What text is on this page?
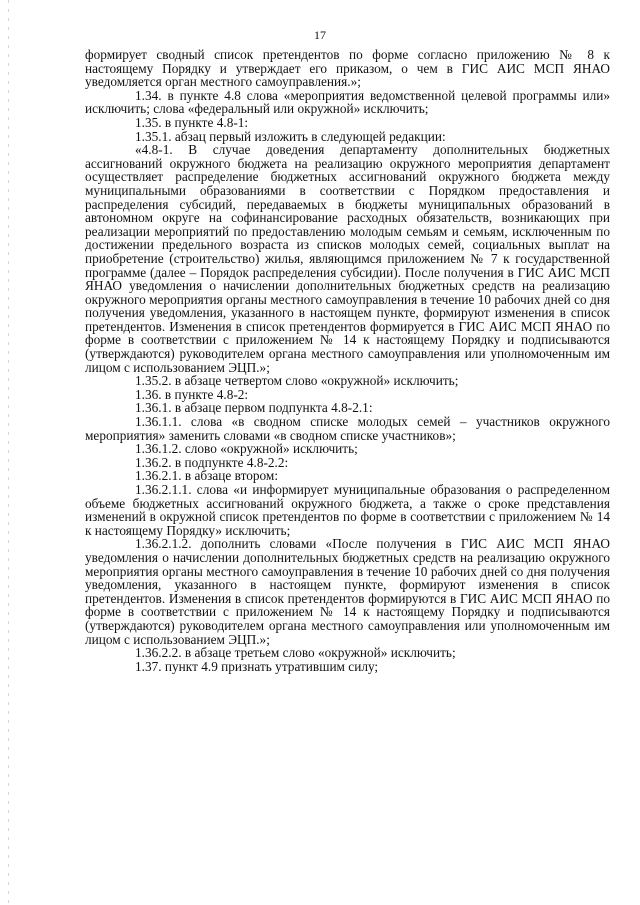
17

формирует сводный список претендентов по форме согласно приложению № 8 к настоящему Порядку и утверждает его приказом, о чем в ГИС АИС МСП ЯНАО уведомляется орган местного самоуправления.»;

1.34. в пункте 4.8 слова «мероприятия ведомственной целевой программы или» исключить; слова «федеральный или окружной» исключить;

1.35. в пункте 4.8-1:

1.35.1. абзац первый изложить в следующей редакции:

«4.8-1. В случае доведения департаменту дополнительных бюджетных ассигнований окружного бюджета на реализацию окружного мероприятия департамент осуществляет распределение бюджетных ассигнований окружного бюджета между муниципальными образованиями в соответствии с Порядком предоставления и распределения субсидий, передаваемых в бюджеты муниципальных образований в автономном округе на софинансирование расходных обязательств, возникающих при реализации мероприятий по предоставлению молодым семьям и семьям, исключенным по достижении предельного возраста из списков молодых семей, социальных выплат на приобретение (строительство) жилья, являющимся приложением № 7 к государственной программе (далее – Порядок распределения субсидии). После получения в ГИС АИС МСП ЯНАО уведомления о начислении дополнительных бюджетных средств на реализацию окружного мероприятия органы местного самоуправления в течение 10 рабочих дней со дня получения уведомления, указанного в настоящем пункте, формируют изменения в список претендентов. Изменения в список претендентов формируется в ГИС АИС МСП ЯНАО по форме в соответствии с приложением № 14 к настоящему Порядку и подписываются (утверждаются) руководителем органа местного самоуправления или уполномоченным им лицом с использованием ЭЦП.»;

1.35.2. в абзаце четвертом слово «окружной» исключить;

1.36. в пункте 4.8-2:

1.36.1. в абзаце первом подпункта 4.8-2.1:

1.36.1.1. слова «в сводном списке молодых семей – участников окружного мероприятия» заменить словами «в сводном списке участников»;

1.36.1.2. слово «окружной» исключить;

1.36.2. в подпункте 4.8-2.2:

1.36.2.1. в абзаце втором:

1.36.2.1.1. слова «и информирует муниципальные образования о распределенном объеме бюджетных ассигнований окружного бюджета, а также о сроке представления изменений в окружной список претендентов по форме в соответствии с приложением № 14 к настоящему Порядку» исключить;

1.36.2.1.2. дополнить словами «После получения в ГИС АИС МСП ЯНАО уведомления о начислении дополнительных бюджетных средств на реализацию окружного мероприятия органы местного самоуправления в течение 10 рабочих дней со дня получения уведомления, указанного в настоящем пункте, формируют изменения в список претендентов. Изменения в список претендентов формируются в ГИС АИС МСП ЯНАО по форме в соответствии с приложением № 14 к настоящему Порядку и подписываются (утверждаются) руководителем органа местного самоуправления или уполномоченным им лицом с использованием ЭЦП.»;

1.36.2.2. в абзаце третьем слово «окружной» исключить;

1.37. пункт 4.9 признать утратившим силу;
